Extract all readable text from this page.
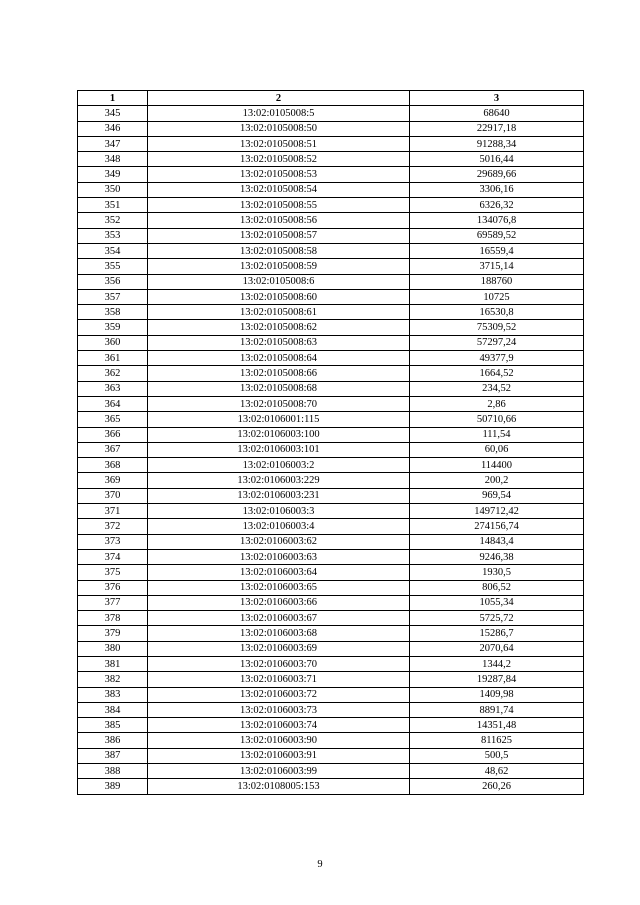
1	2	3
345	13:02:0105008:5	68640
346	13:02:0105008:50	22917,18
347	13:02:0105008:51	91288,34
348	13:02:0105008:52	5016,44
349	13:02:0105008:53	29689,66
350	13:02:0105008:54	3306,16
351	13:02:0105008:55	6326,32
352	13:02:0105008:56	134076,8
353	13:02:0105008:57	69589,52
354	13:02:0105008:58	16559,4
355	13:02:0105008:59	3715,14
356	13:02:0105008:6	188760
357	13:02:0105008:60	10725
358	13:02:0105008:61	16530,8
359	13:02:0105008:62	75309,52
360	13:02:0105008:63	57297,24
361	13:02:0105008:64	49377,9
362	13:02:0105008:66	1664,52
363	13:02:0105008:68	234,52
364	13:02:0105008:70	2,86
365	13:02:0106001:115	50710,66
366	13:02:0106003:100	111,54
367	13:02:0106003:101	60,06
368	13:02:0106003:2	114400
369	13:02:0106003:229	200,2
370	13:02:0106003:231	969,54
371	13:02:0106003:3	149712,42
372	13:02:0106003:4	274156,74
373	13:02:0106003:62	14843,4
374	13:02:0106003:63	9246,38
375	13:02:0106003:64	1930,5
376	13:02:0106003:65	806,52
377	13:02:0106003:66	1055,34
378	13:02:0106003:67	5725,72
379	13:02:0106003:68	15286,7
380	13:02:0106003:69	2070,64
381	13:02:0106003:70	1344,2
382	13:02:0106003:71	19287,84
383	13:02:0106003:72	1409,98
384	13:02:0106003:73	8891,74
385	13:02:0106003:74	14351,48
386	13:02:0106003:90	811625
387	13:02:0106003:91	500,5
388	13:02:0106003:99	48,62
389	13:02:0108005:153	260,26
9
